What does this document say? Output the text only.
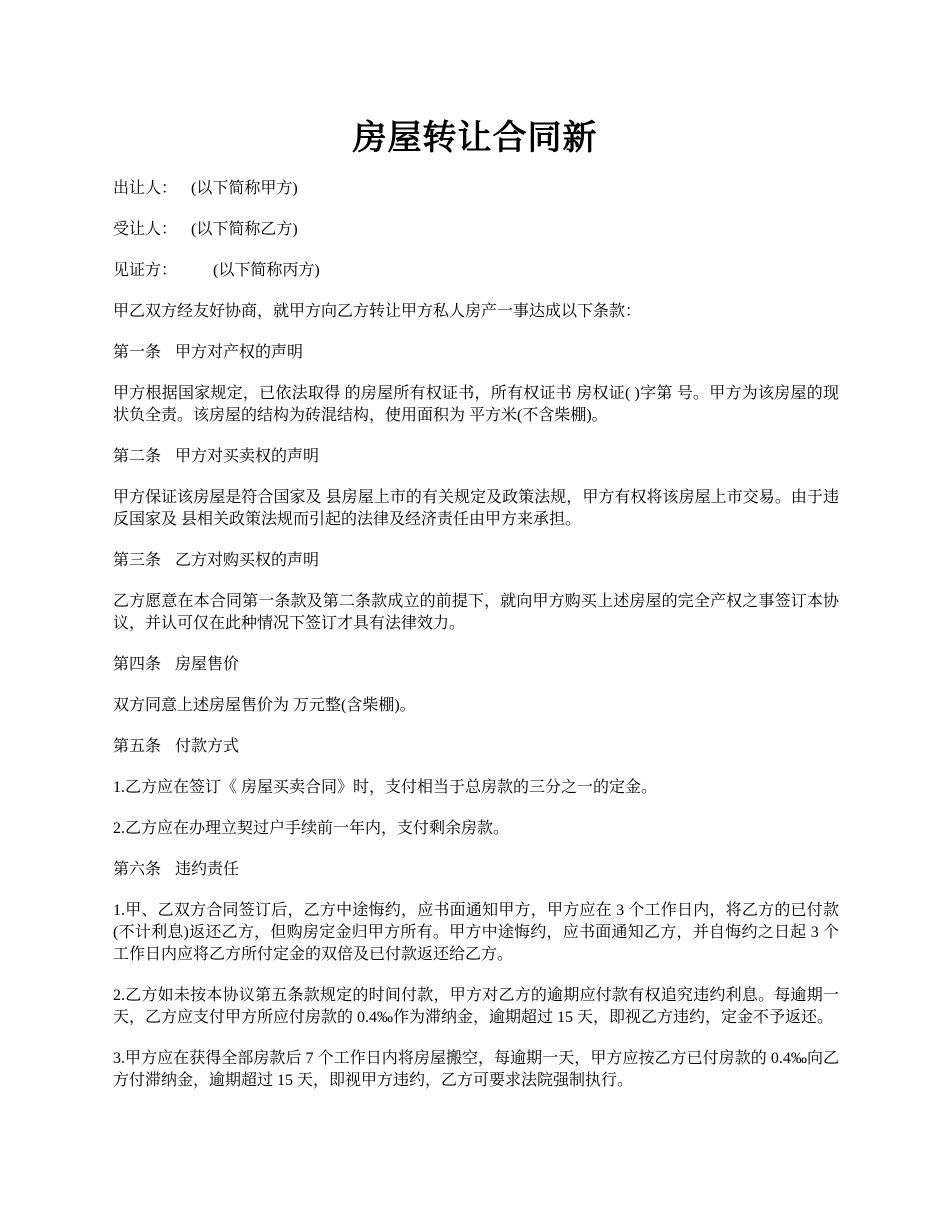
房屋转让合同新

出让人： (以下简称甲方)

受让人： (以下简称乙方)

见证方： (以下简称丙方)

甲乙双方经友好协商，就甲方向乙方转让甲方私人房产一事达成以下条款：

第一条 甲方对产权的声明

甲方根据国家规定，已依法取得 的房屋所有权证书，所有权证书 房权证( )字第 号。甲方为该房屋的现状负全责。该房屋的结构为砖混结构，使用面积为 平方米(不含柴棚)。

第二条 甲方对买卖权的声明

甲方保证该房屋是符合国家及 县房屋上市的有关规定及政策法规，甲方有权将该房屋上市交易。由于违反国家及 县相关政策法规而引起的法律及经济责任由甲方来承担。

第三条 乙方对购买权的声明

乙方愿意在本合同第一条款及第二条款成立的前提下，就向甲方购买上述房屋的完全产权之事签订本协议，并认可仅在此种情况下签订才具有法律效力。

第四条 房屋售价

双方同意上述房屋售价为 万元整(含柴棚)。

第五条 付款方式

1.乙方应在签订《 房屋买卖合同》时，支付相当于总房款的三分之一的定金。

2.乙方应在办理立契过户手续前一年内，支付剩余房款。

第六条 违约责任

1.甲、乙双方合同签订后，乙方中途悔约，应书面通知甲方，甲方应在 3 个工作日内，将乙方的已付款(不计利息)返还乙方，但购房定金归甲方所有。甲方中途悔约，应书面通知乙方，并自悔约之日起 3 个工作日内应将乙方所付定金的双倍及已付款返还给乙方。

2.乙方如未按本协议第五条款规定的时间付款，甲方对乙方的逾期应付款有权追究违约利息。每逾期一天，乙方应支付甲方所应付房款的 0.4‰作为滞纳金，逾期超过 15 天，即视乙方违约，定金不予返还。

3.甲方应在获得全部房款后 7 个工作日内将房屋搬空，每逾期一天，甲方应按乙方已付房款的 0.4‰向乙方付滞纳金，逾期超过 15 天，即视甲方违约，乙方可要求法院强制执行。
